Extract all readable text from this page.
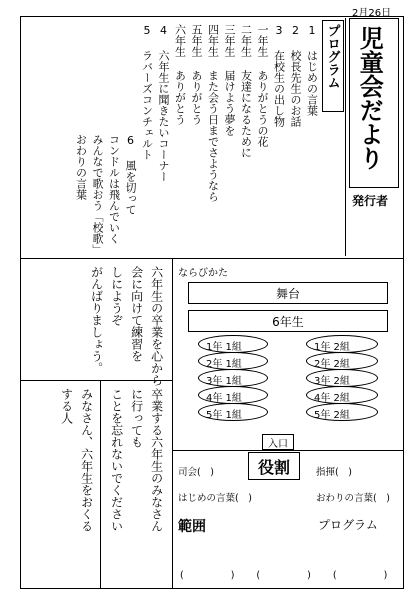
2月26日
児童会だより
発行者
プログラム
1 はじめの言葉
2 校長先生のお話
3 在校生の出し物
一年生 ありがとうの花
二年生 友達になるために
三年生 届けよう夢を
四年生 また会う日までさようなら
五年生 ありがとう
六年生 ありがとう
4 六年生に聞きたいコーナー
5 ラバーズコンチェルト
6 風を切って
コンドルは飛んでいく
みんなで歌おう「校歌」
おわりの言葉
六年生の卒業を心から
会に向けて練習を
しにようぞ
がんばりましょう。
卒業する六年生のみなさん
に行っても
ことを忘れないでください
みなさん、六年生をおくる
する人
ならびかた
舞台
6年生
1年 1組	1年 2組
2年 1組	2年 2組
3年 1組	3年 2組
4年 1組	4年 2組
5年 1組	5年 2組
入口
役割
司会(　)	指揮(　)
はじめの言葉(　)	おわりの言葉(　)
範囲	プログラム
( )( )( )
